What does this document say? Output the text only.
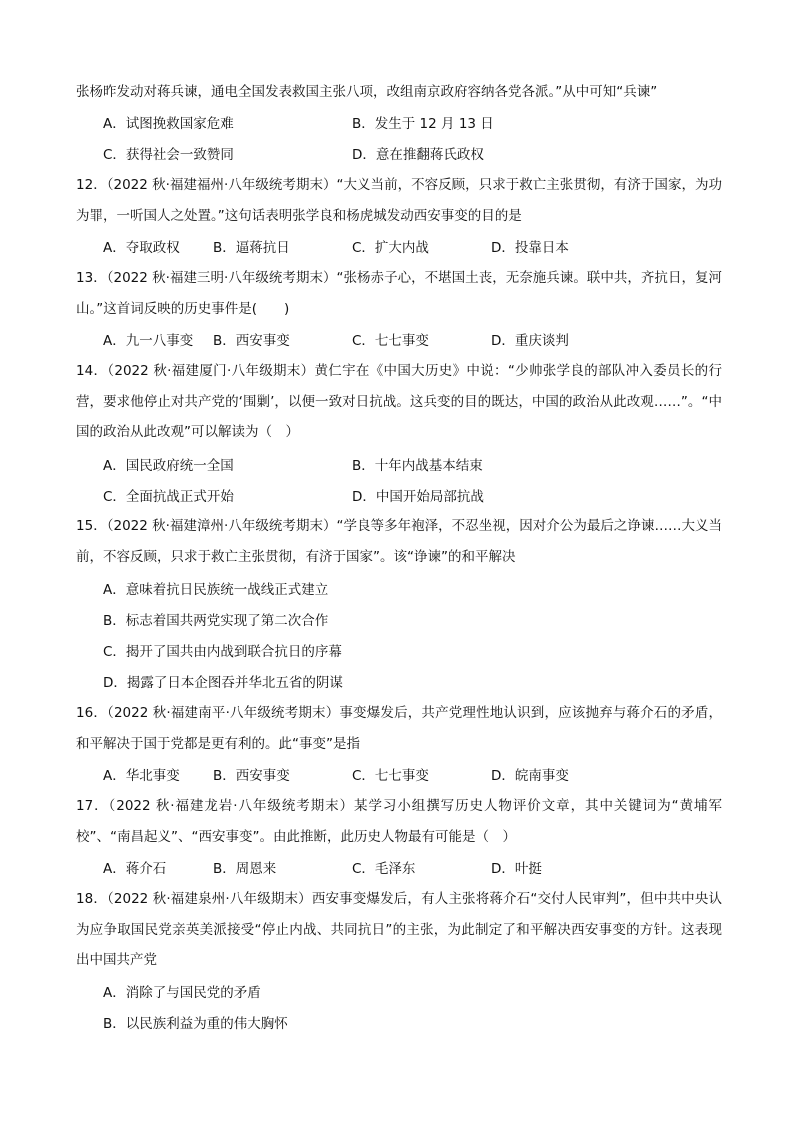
张杨昨发动对蒋兵谏，通电全国发表救国主张八项，改组南京政府容纳各党各派。”从中可知“兵谏”
A．试图挽救国家危难	B．发生于 12 月 13 日
C．获得社会一致赞同	D．意在推翻蒋氏政权
12．（2022 秋·福建福州·八年级统考期末）“大义当前，不容反顾，只求于救亡主张贯彻，有济于国家，为功为罪，一听国人之处置。”这句话表明张学良和杨虎城发动西安事变的目的是
A．夺取政权 B．逼蒋抗日	C．扩大内战	D．投靠日本
13．（2022 秋·福建三明·八年级统考期末）“张杨赤子心，不堪国土丧，无奈施兵谏。联中共，齐抗日，复河山。”这首词反映的历史事件是(　　)
A．九一八事变 B．西安事变	C．七七事变	D．重庆谈判
14．（2022 秋·福建厦门·八年级期末）黄仁宇在《中国大历史》中说：“少帅张学良的部队冲入委员长的行营，要求他停止对共产党的‘围剿’，以便一致对日抗战。这兵变的目的既达，中国的政治从此改观……”。“中国的政治从此改观”可以解读为（　）
A．国民政府统一全国	B．十年内战基本结束
C．全面抗战正式开始	D．中国开始局部抗战
15．（2022 秋·福建漳州·八年级统考期末）“学良等多年袍泽，不忍坐视，因对介公为最后之诤谏……大义当前，不容反顾，只求于救亡主张贯彻，有济于国家”。该“诤谏”的和平解决
A．意味着抗日民族统一战线正式建立
B．标志着国共两党实现了第二次合作
C．揭开了国共由内战到联合抗日的序幕
D．揭露了日本企图吞并华北五省的阴谋
16．（2022 秋·福建南平·八年级统考期末）事变爆发后，共产党理性地认识到，应该抛弃与蒋介石的矛盾，和平解决于国于党都是更有利的。此“事变”是指
A．华北事变 B．西安事变	C．七七事变	D．皖南事变
17．（2022 秋·福建龙岩·八年级统考期末）某学习小组撰写历史人物评价文章，其中关键词为“黄埔军校”、“南昌起义”、“西安事变”。由此推断，此历史人物最有可能是（　）
A．蒋介石	B．周恩来	C．毛泽东	D．叶挺
18．（2022 秋·福建泉州·八年级期末）西安事变爆发后，有人主张将蒋介石“交付人民审判”，但中共中央认为应争取国民党亲英美派接受“停止内战、共同抗日”的主张，为此制定了和平解决西安事变的方针。这表现出中国共产党
A．消除了与国民党的矛盾
B．以民族利益为重的伟大胸怀
